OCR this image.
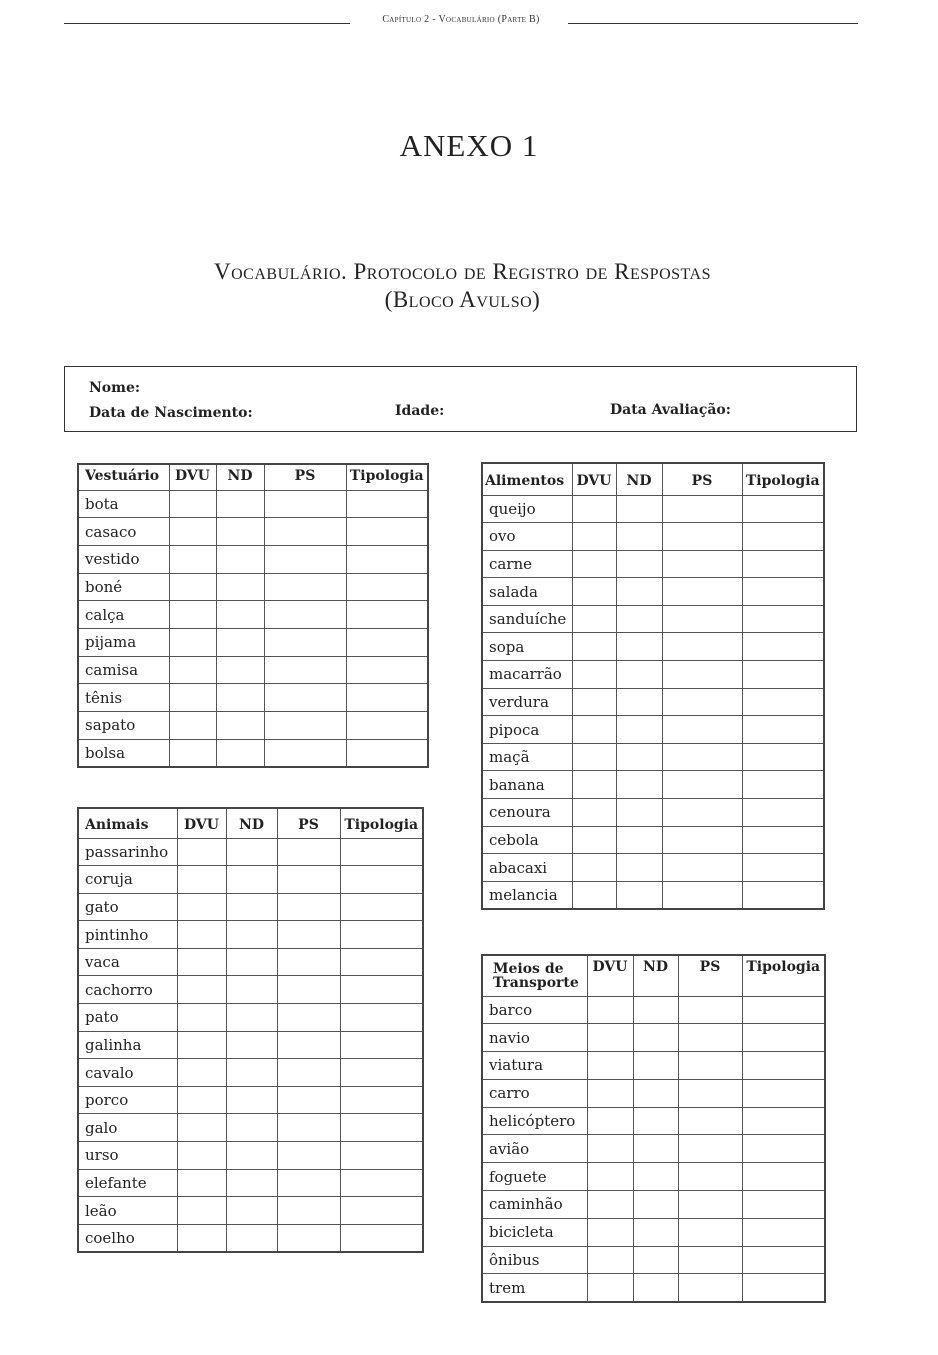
Capítulo 2 - Vocabulário (Parte B)
ANEXO 1
Vocabulário. Protocolo de Registro de Respostas
(Bloco Avulso)
Nome:
Data de Nascimento:	Idade:	Data Avaliação:
Vestuário	DVU	ND	PS	Tipologia
bota				
casaco				
vestido				
boné				
calça				
pijama				
camisa				
tênis				
sapato				
bolsa				
Animais	DVU	ND	PS	Tipologia
passarinho				
coruja				
gato				
pintinho				
vaca				
cachorro				
pato				
galinha				
cavalo				
porco				
galo				
urso				
elefante				
leão				
coelho				
Alimentos	DVU	ND	PS	Tipologia
queijo				
ovo				
carne				
salada				
sanduíche				
sopa				
macarrão				
verdura				
pipoca				
maçã				
banana				
cenoura				
cebola				
abacaxi				
melancia				
Meios de
Transporte	DVU	ND	PS	Tipologia
barco				
navio				
viatura				
carro				
helicóptero				
avião				
foguete				
caminhão				
bicicleta				
ônibus				
trem				
